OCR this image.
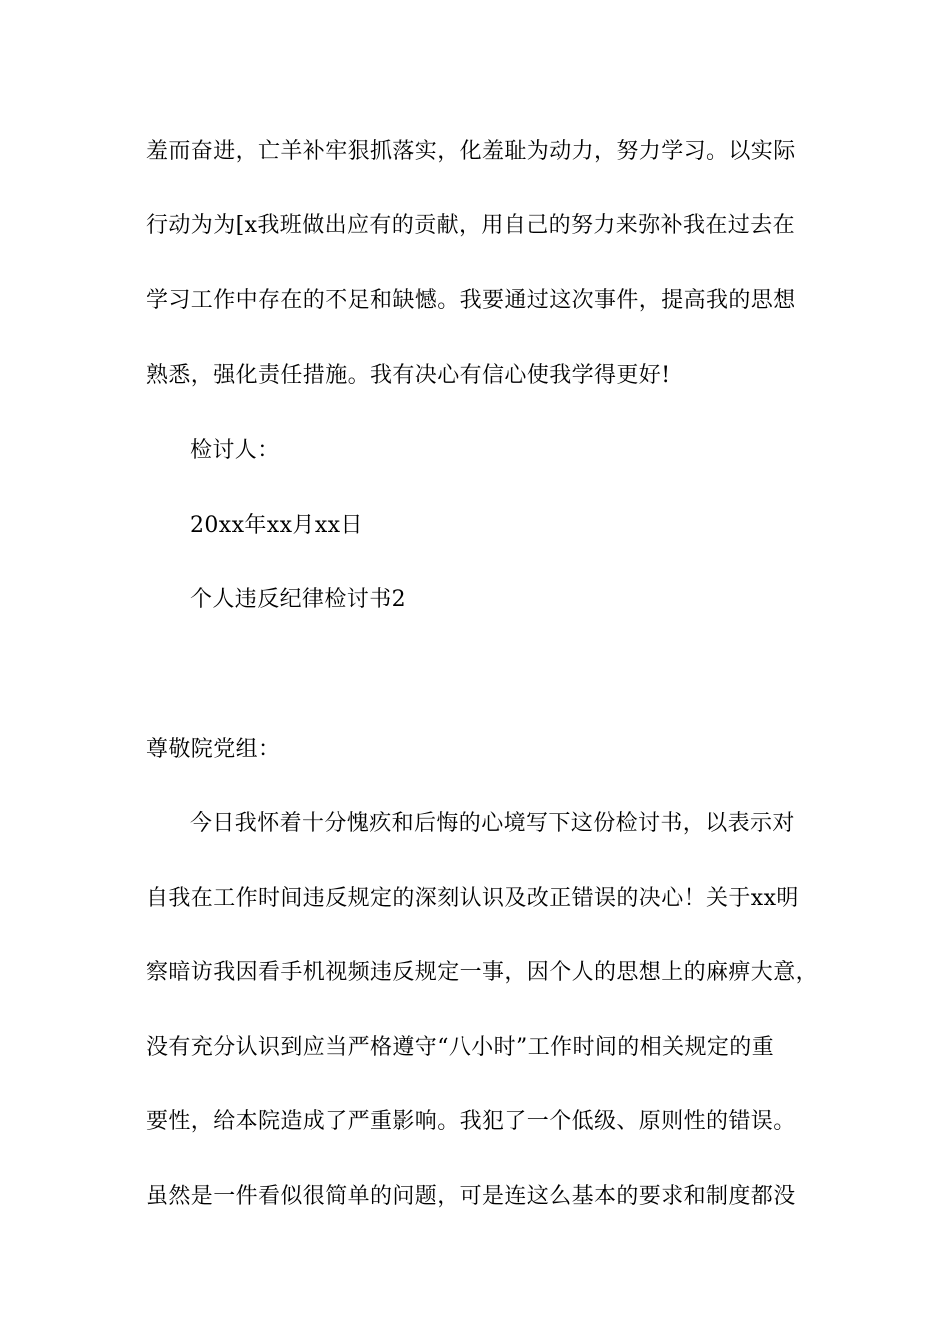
羞而奋进，亡羊补牢狠抓落实，化羞耻为动力，努力学习。以实际
行动为为[x我班做出应有的贡献，用自己的努力来弥补我在过去在
学习工作中存在的不足和缺憾。我要通过这次事件，提高我的思想
熟悉，强化责任措施。我有决心有信心使我学得更好!
检讨人：
20xx年xx月xx日
个人违反纪律检讨书2
尊敬院党组：
今日我怀着十分愧疚和后悔的心境写下这份检讨书，以表示对
自我在工作时间违反规定的深刻认识及改正错误的决心！关于xx明
察暗访我因看手机视频违反规定一事，因个人的思想上的麻痹大意，
没有充分认识到应当严格遵守“八小时”工作时间的相关规定的重
要性，给本院造成了严重影响。我犯了一个低级、原则性的错误。
虽然是一件看似很简单的问题，可是连这么基本的要求和制度都没
